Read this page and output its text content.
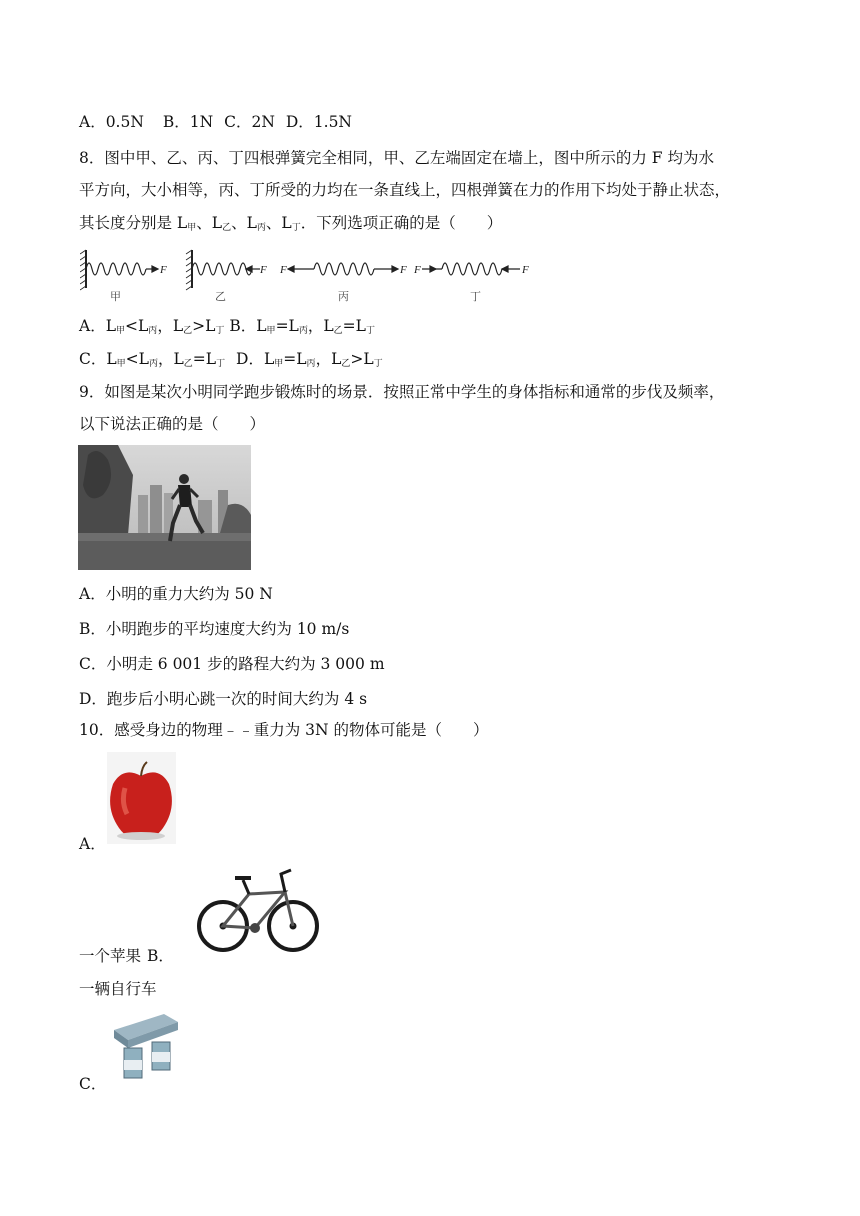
A．0.5N B．1N C．2N D．1.5N
8．图中甲、乙、丙、丁四根弹簧完全相同，甲、乙左端固定在墙上，图中所示的力 F 均为水
平方向，大小相等，丙、丁所受的力均在一条直线上，四根弹簧在力的作用下均处于静止状态，
其长度分别是 $L_甲$、$L_乙$、$L_丙$、$L_丁$．下列选项正确的是（　　）
F	F F	F F	F
甲	乙	丙	丁
A．$L_甲<L_丙$，$L_乙>L_丁$ B．$L_甲=L_丙$，$L_乙=L_丁$
C．$L_甲<L_丙$，$L_乙=L_丁$ D．$L_甲=L_丙$，$L_乙>L_丁$
9．如图是某次小明同学跑步锻炼时的场景．按照正常中学生的身体指标和通常的步伐及频率，
以下说法正确的是（　　）
A．小明的重力大约为 50 N
B．小明跑步的平均速度大约为 10 m/s
C．小明走 6 001 步的路程大约为 3 000 m
D．跑步后小明心跳一次的时间大约为 4 s
10．感受身边的物理﹣﹣重力为 3N 的物体可能是（　　）
A．
一个苹果 B．
一辆自行车
C．
